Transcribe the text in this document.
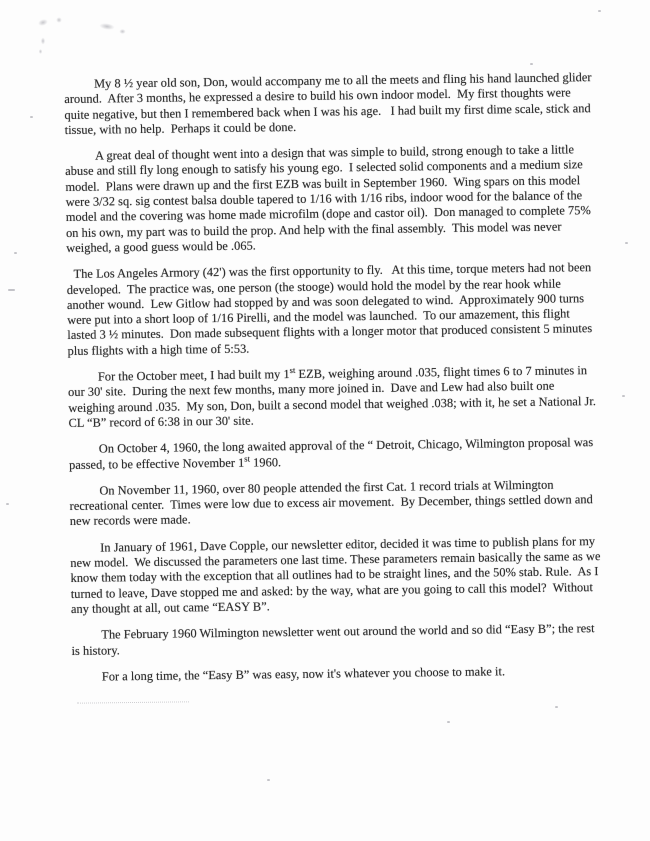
My 8 ½ year old son, Don, would accompany me to all the meets and fling his hand launched glider around.  After 3 months, he expressed a desire to build his own indoor model.  My first thoughts were quite negative, but then I remembered back when I was his age.   I had built my first dime scale, stick and tissue, with no help.  Perhaps it could be done.

A great deal of thought went into a design that was simple to build, strong enough to take a little abuse and still fly long enough to satisfy his young ego.  I selected solid components and a medium size model.  Plans were drawn up and the first EZB was built in September 1960.  Wing spars on this model were 3/32 sq. sig contest balsa double tapered to 1/16 with 1/16 ribs, indoor wood for the balance of the model and the covering was home made microfilm (dope and castor oil).  Don managed to complete 75% on his own, my part was to build the prop. And help with the final assembly.  This model was never weighed, a good guess would be .065.

The Los Angeles Armory (42') was the first opportunity to fly.   At this time, torque meters had not been developed.  The practice was, one person (the stooge) would hold the model by the rear hook while another wound.  Lew Gitlow had stopped by and was soon delegated to wind.  Approximately 900 turns were put into a short loop of 1/16 Pirelli, and the model was launched.  To our amazement, this flight lasted 3 ½ minutes.  Don made subsequent flights with a longer motor that produced consistent 5 minutes plus flights with a high time of 5:53.

For the October meet, I had built my 1st EZB, weighing around .035, flight times 6 to 7 minutes in our 30' site.  During the next few months, many more joined in.  Dave and Lew had also built one weighing around .035.  My son, Don, built a second model that weighed .038; with it, he set a National Jr. CL “B” record of 6:38 in our 30' site.

On October 4, 1960, the long awaited approval of the “ Detroit, Chicago, Wilmington proposal was passed, to be effective November 1st 1960.

On November 11, 1960, over 80 people attended the first Cat. 1 record trials at Wilmington recreational center.  Times were low due to excess air movement.  By December, things settled down and new records were made.

In January of 1961, Dave Copple, our newsletter editor, decided it was time to publish plans for my new model.  We discussed the parameters one last time. These parameters remain basically the same as we know them today with the exception that all outlines had to be straight lines, and the 50% stab. Rule.  As I turned to leave, Dave stopped me and asked: by the way, what are you going to call this model?  Without any thought at all, out came “EASY B”.

The February 1960 Wilmington newsletter went out around the world and so did “Easy B”; the rest is history.

For a long time, the “Easy B” was easy, now it's whatever you choose to make it.
